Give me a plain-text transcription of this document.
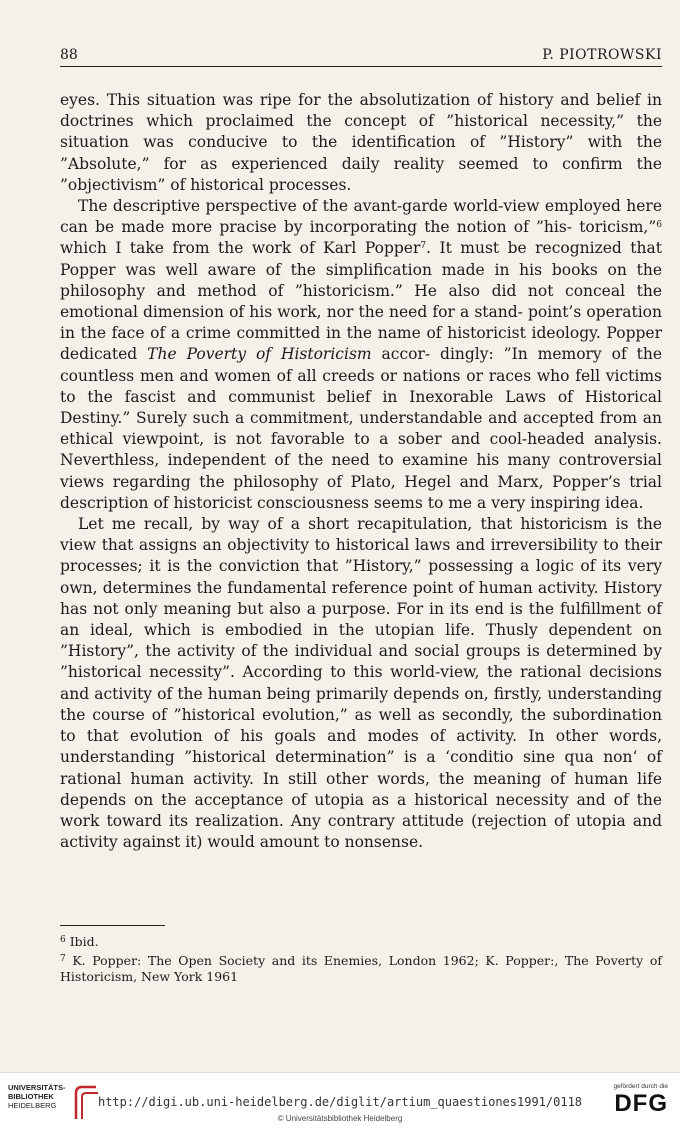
88	P. PIOTROWSKI

eyes. This situation was ripe for the absolutization of history and belief in doctrines which proclaimed the concept of ”historical necessity,” the situation was conducive to the identification of ”History” with the ”Absolute,” for as experienced daily reality seemed to confirm the ”objectivism” of historical processes.

The descriptive perspective of the avant-garde world-view employed here can be made more pracise by incorporating the notion of ”his- toricism,”$^6$ which I take from the work of Karl Popper$^7$. It must be recognized that Popper was well aware of the simplification made in his books on the philosophy and method of ”historicism.” He also did not conceal the emotional dimension of his work, nor the need for a stand- point’s operation in the face of a crime committed in the name of historicist ideology. Popper dedicated The Poverty of Historicism accor- dingly: ”In memory of the countless men and women of all creeds or nations or races who fell victims to the fascist and communist belief in Inexorable Laws of Historical Destiny.” Surely such a commitment, understandable and accepted from an ethical viewpoint, is not favorable to a sober and cool-headed analysis. Neverthless, independent of the need to examine his many controversial views regarding the philosophy of Plato, Hegel and Marx, Popper’s trial description of historicist consciousness seems to me a very inspiring idea.

Let me recall, by way of a short recapitulation, that historicism is the view that assigns an objectivity to historical laws and irreversibility to their processes; it is the conviction that ”History,” possessing a logic of its very own, determines the fundamental reference point of human activity. History has not only meaning but also a purpose. For in its end is the fulfillment of an ideal, which is embodied in the utopian life. Thusly dependent on ”History”, the activity of the individual and social groups is determined by ”historical necessity”. According to this world-view, the rational decisions and activity of the human being primarily depends on, firstly, understanding the course of ”historical evolution,” as well as secondly, the subordination to that evolution of his goals and modes of activity. In other words, understanding ”historical determination” is a ‘conditio sine qua non‘ of rational human activity. In still other words, the meaning of human life depends on the acceptance of utopia as a historical necessity and of the work toward its realization. Any contrary attitude (rejection of utopia and activity against it) would amount to nonsense.

$^6$ Ibid.

$^7$ K. Popper: The Open Society and its Enemies, London 1962; K. Popper:, The Poverty of Historicism, New York 1961

UNIVERSITÄTS-
BIBLIOTHEK
HEIDELBERG	http://digi.ub.uni-heidelberg.de/diglit/artium_quaestiones1991/0118
© Universitätsbibliothek Heidelberg
gefördert durch die
DFG
